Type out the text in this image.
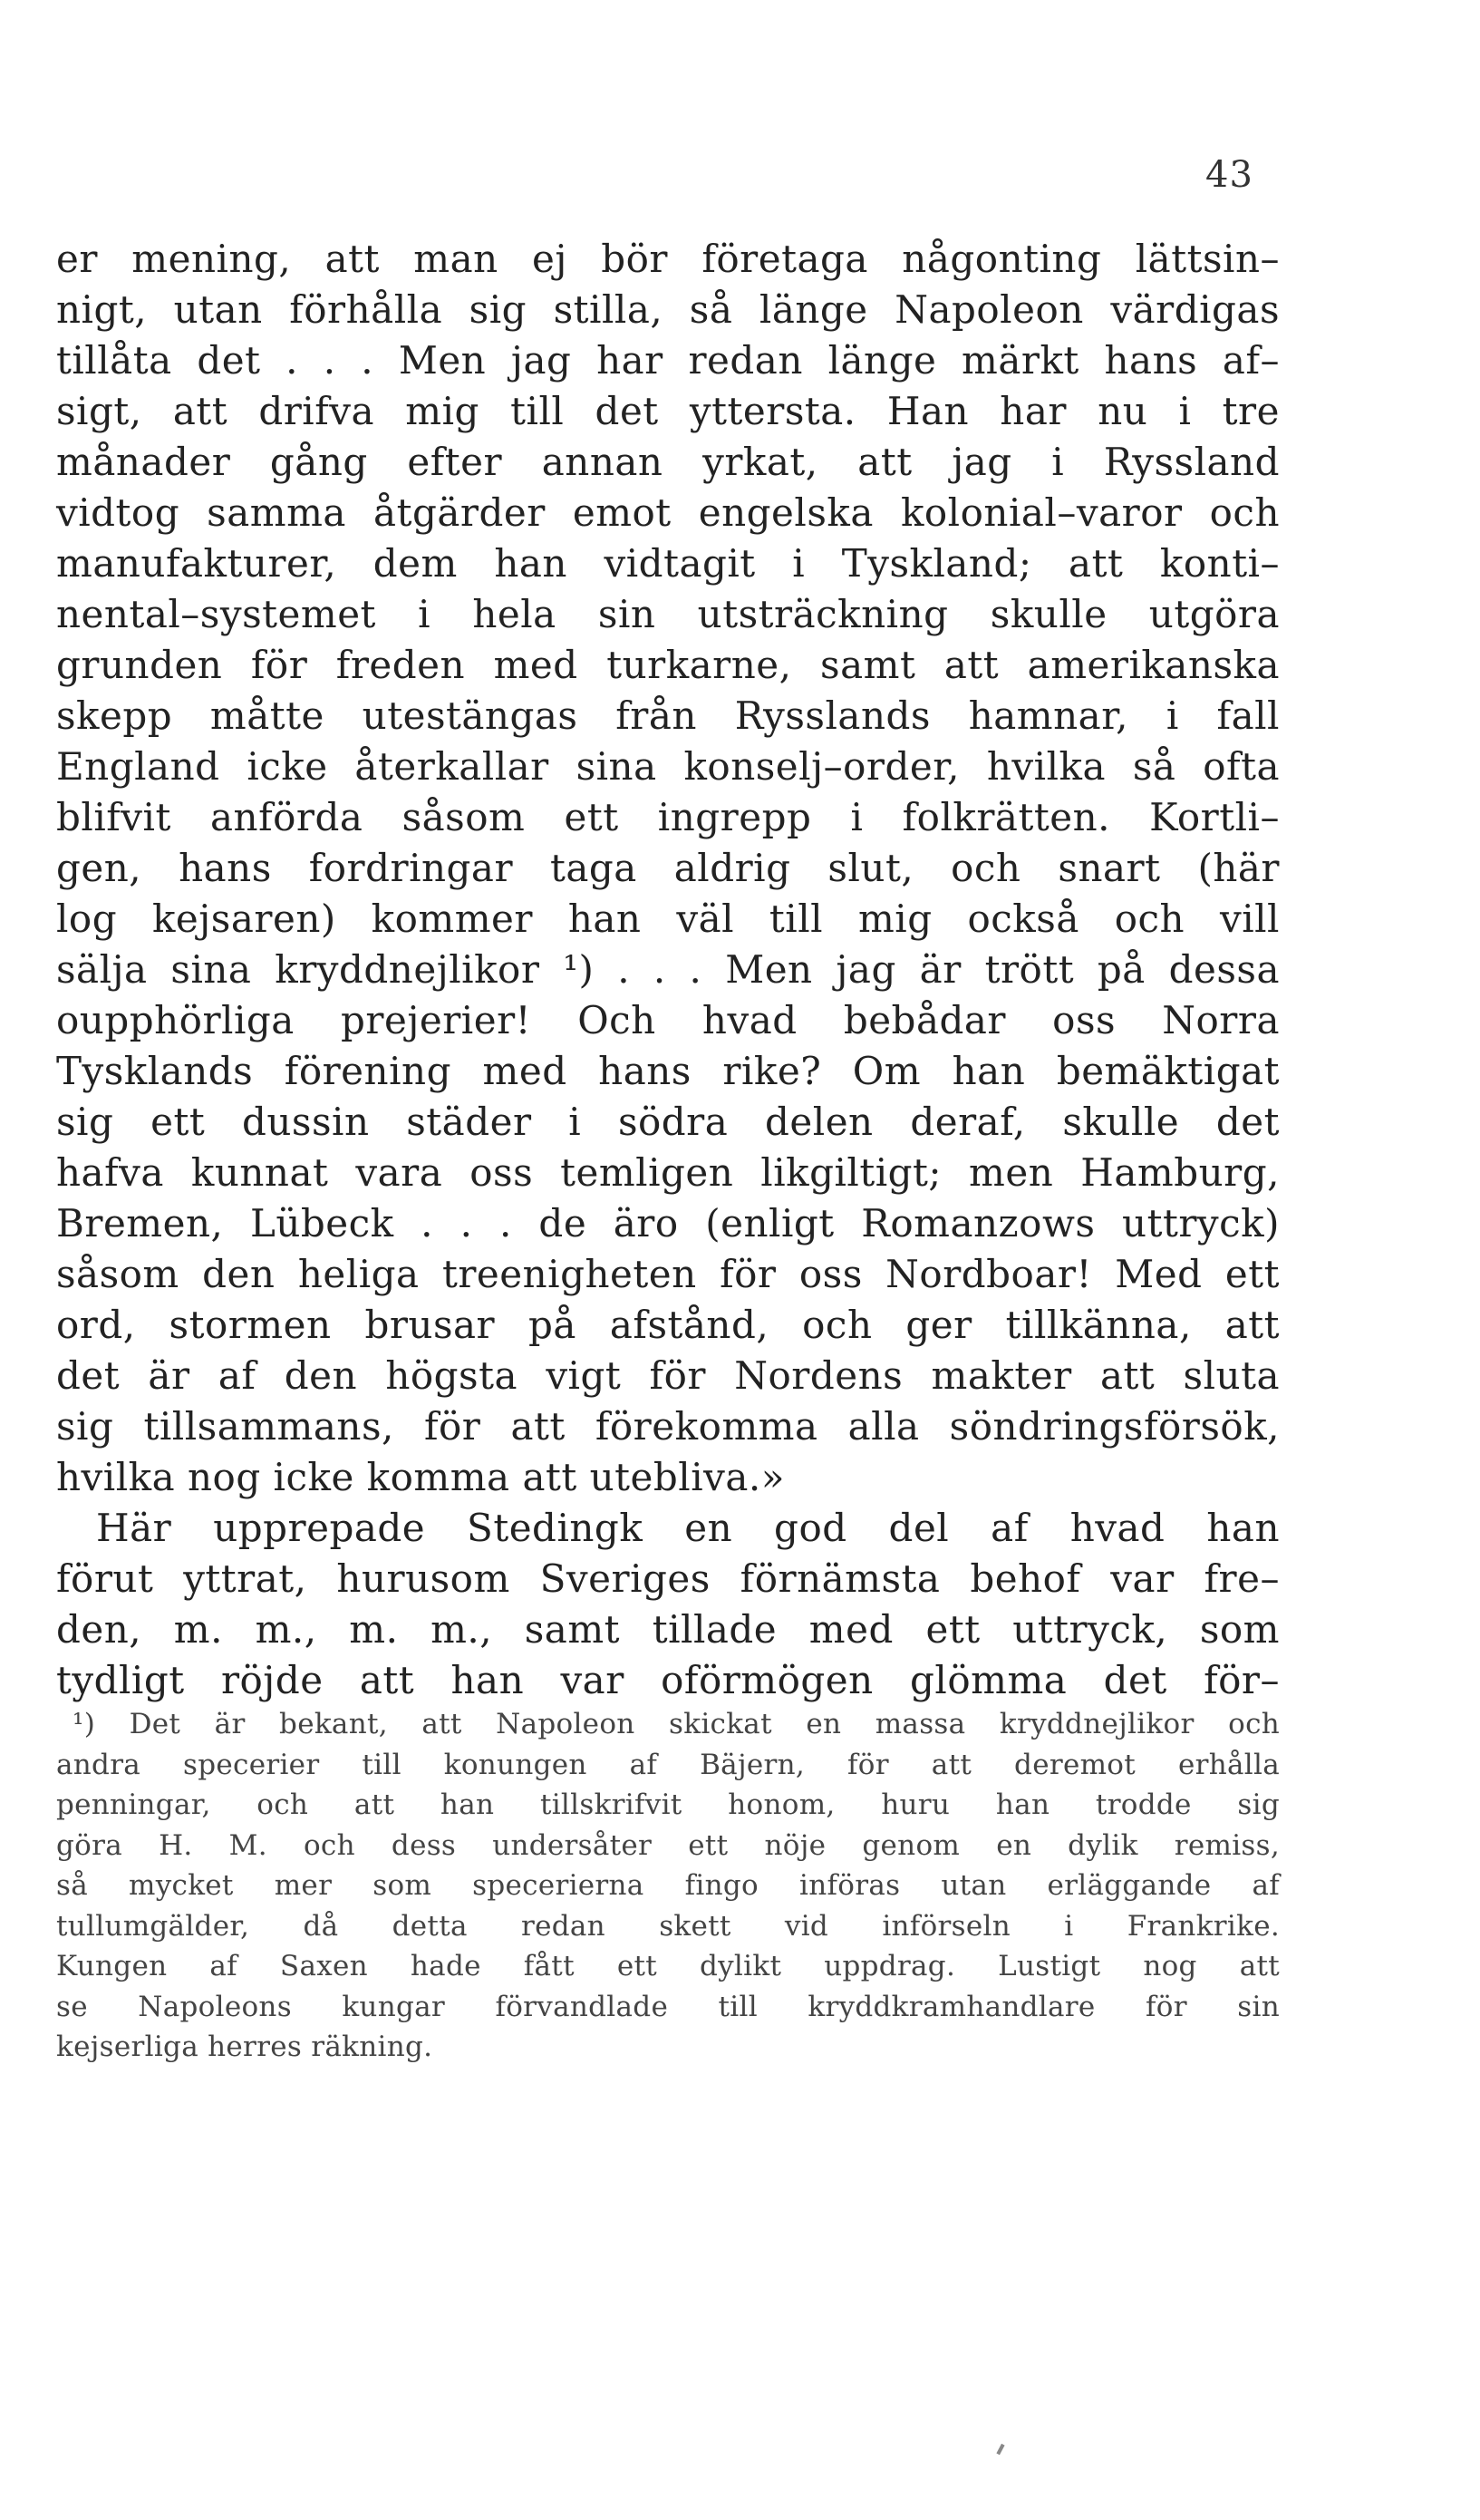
43
er mening, att man ej bör företaga någonting lättsin–
nigt, utan förhålla sig stilla, så länge Napoleon värdigas
tillåta det . . . Men jag har redan länge märkt hans af–
sigt, att drifva mig till det yttersta. Han har nu i tre
månader gång efter annan yrkat, att jag i Ryssland
vidtog samma åtgärder emot engelska kolonial–varor och
manufakturer, dem han vidtagit i Tyskland; att konti–
nental–systemet i hela sin utsträckning skulle utgöra
grunden för freden med turkarne, samt att amerikanska
skepp måtte utestängas från Rysslands hamnar, i fall
England icke återkallar sina konselj–order, hvilka så ofta
blifvit anförda såsom ett ingrepp i folkrätten. Kortli–
gen, hans fordringar taga aldrig slut, och snart (här
log kejsaren) kommer han väl till mig också och vill
sälja sina kryddnejlikor ¹) . . . Men jag är trött på dessa
oupphörliga prejerier! Och hvad bebådar oss Norra
Tysklands förening med hans rike? Om han bemäktigat
sig ett dussin städer i södra delen deraf, skulle det
hafva kunnat vara oss temligen likgiltigt; men Hamburg,
Bremen, Lübeck . . . de äro (enligt Romanzows uttryck)
såsom den heliga treenigheten för oss Nordboar! Med ett
ord, stormen brusar på afstånd, och ger tillkänna, att
det är af den högsta vigt för Nordens makter att sluta
sig tillsammans, för att förekomma alla söndringsförsök,
hvilka nog icke komma att utebliva.»
Här upprepade Stedingk en god del af hvad han
förut yttrat, hurusom Sveriges förnämsta behof var fre–
den, m. m., m. m., samt tillade med ett uttryck, som
tydligt röjde att han var oförmögen glömma det för–
¹) Det är bekant, att Napoleon skickat en massa kryddnejlikor och
andra specerier till konungen af Bäjern, för att deremot erhålla
penningar, och att han tillskrifvit honom, huru han trodde sig
göra H. M. och dess undersåter ett nöje genom en dylik remiss,
så mycket mer som specerierna fingo införas utan erläggande af
tullumgälder, då detta redan skett vid införseln i Frankrike.
Kungen af Saxen hade fått ett dylikt uppdrag. Lustigt nog att
se Napoleons kungar förvandlade till kryddkramhandlare för sin
kejserliga herres räkning.
